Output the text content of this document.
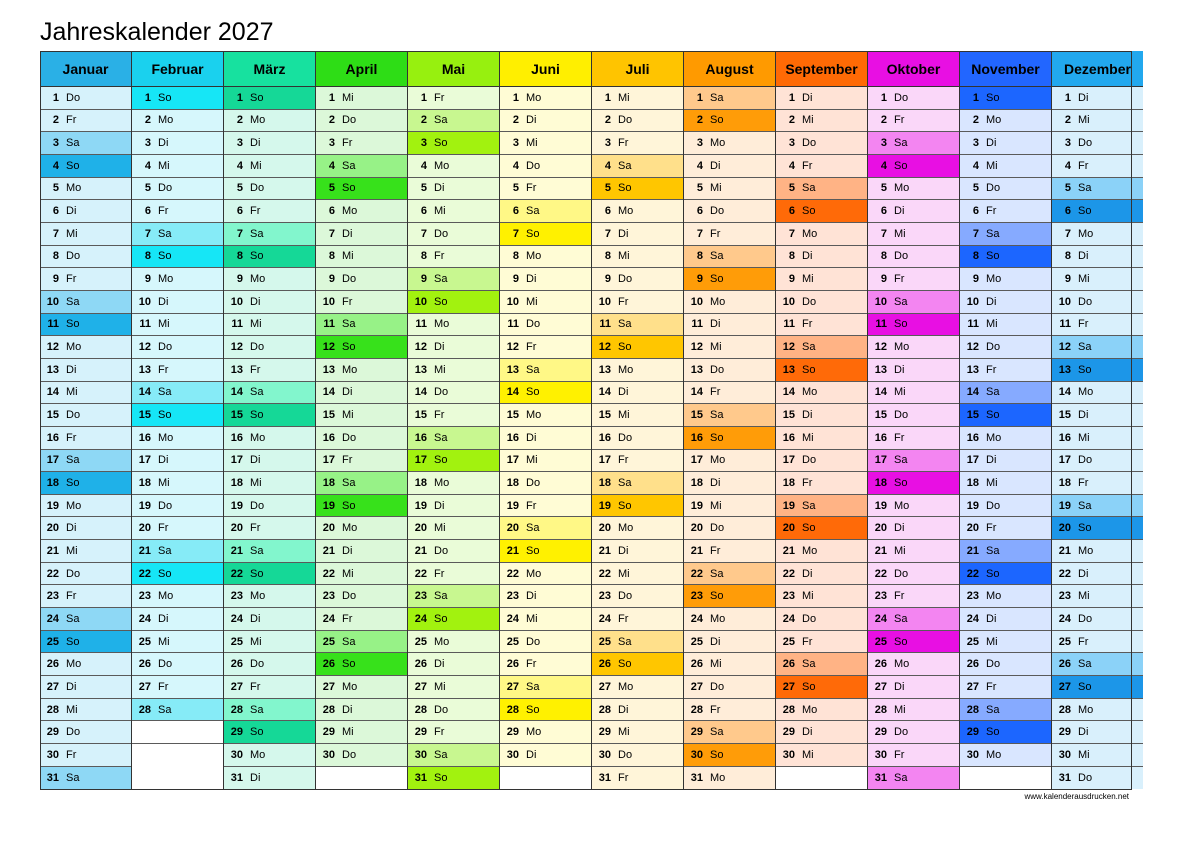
Jahreskalender 2027
Januar
1 Do
2 Fr
3 Sa
4 So
5 Mo
6 Di
7 Mi
8 Do
9 Fr
10 Sa
11 So
12 Mo
13 Di
14 Mi
15 Do
16 Fr
17 Sa
18 So
19 Mo
20 Di
21 Mi
22 Do
23 Fr
24 Sa
25 So
26 Mo
27 Di
28 Mi
29 Do
30 Fr
31 Sa
Februar
1 So
2 Mo
3 Di
4 Mi
5 Do
6 Fr
7 Sa
8 So
9 Mo
10 Di
11 Mi
12 Do
13 Fr
14 Sa
15 So
16 Mo
17 Di
18 Mi
19 Do
20 Fr
21 Sa
22 So
23 Mo
24 Di
25 Mi
26 Do
27 Fr
28 Sa
März
1 So
2 Mo
3 Di
4 Mi
5 Do
6 Fr
7 Sa
8 So
9 Mo
10 Di
11 Mi
12 Do
13 Fr
14 Sa
15 So
16 Mo
17 Di
18 Mi
19 Do
20 Fr
21 Sa
22 So
23 Mo
24 Di
25 Mi
26 Do
27 Fr
28 Sa
29 So
30 Mo
31 Di
April
1 Mi
2 Do
3 Fr
4 Sa
5 So
6 Mo
7 Di
8 Mi
9 Do
10 Fr
11 Sa
12 So
13 Mo
14 Di
15 Mi
16 Do
17 Fr
18 Sa
19 So
20 Mo
21 Di
22 Mi
23 Do
24 Fr
25 Sa
26 So
27 Mo
28 Di
29 Mi
30 Do
Mai
1 Fr
2 Sa
3 So
4 Mo
5 Di
6 Mi
7 Do
8 Fr
9 Sa
10 So
11 Mo
12 Di
13 Mi
14 Do
15 Fr
16 Sa
17 So
18 Mo
19 Di
20 Mi
21 Do
22 Fr
23 Sa
24 So
25 Mo
26 Di
27 Mi
28 Do
29 Fr
30 Sa
31 So
Juni
1 Mo
2 Di
3 Mi
4 Do
5 Fr
6 Sa
7 So
8 Mo
9 Di
10 Mi
11 Do
12 Fr
13 Sa
14 So
15 Mo
16 Di
17 Mi
18 Do
19 Fr
20 Sa
21 So
22 Mo
23 Di
24 Mi
25 Do
26 Fr
27 Sa
28 So
29 Mo
30 Di
Juli
1 Mi
2 Do
3 Fr
4 Sa
5 So
6 Mo
7 Di
8 Mi
9 Do
10 Fr
11 Sa
12 So
13 Mo
14 Di
15 Mi
16 Do
17 Fr
18 Sa
19 So
20 Mo
21 Di
22 Mi
23 Do
24 Fr
25 Sa
26 So
27 Mo
28 Di
29 Mi
30 Do
31 Fr
August
1 Sa
2 So
3 Mo
4 Di
5 Mi
6 Do
7 Fr
8 Sa
9 So
10 Mo
11 Di
12 Mi
13 Do
14 Fr
15 Sa
16 So
17 Mo
18 Di
19 Mi
20 Do
21 Fr
22 Sa
23 So
24 Mo
25 Di
26 Mi
27 Do
28 Fr
29 Sa
30 So
31 Mo
September
1 Di
2 Mi
3 Do
4 Fr
5 Sa
6 So
7 Mo
8 Di
9 Mi
10 Do
11 Fr
12 Sa
13 So
14 Mo
15 Di
16 Mi
17 Do
18 Fr
19 Sa
20 So
21 Mo
22 Di
23 Mi
24 Do
25 Fr
26 Sa
27 So
28 Mo
29 Di
30 Mi
Oktober
1 Do
2 Fr
3 Sa
4 So
5 Mo
6 Di
7 Mi
8 Do
9 Fr
10 Sa
11 So
12 Mo
13 Di
14 Mi
15 Do
16 Fr
17 Sa
18 So
19 Mo
20 Di
21 Mi
22 Do
23 Fr
24 Sa
25 So
26 Mo
27 Di
28 Mi
29 Do
30 Fr
31 Sa
November
1 So
2 Mo
3 Di
4 Mi
5 Do
6 Fr
7 Sa
8 So
9 Mo
10 Di
11 Mi
12 Do
13 Fr
14 Sa
15 So
16 Mo
17 Di
18 Mi
19 Do
20 Fr
21 Sa
22 So
23 Mo
24 Di
25 Mi
26 Do
27 Fr
28 Sa
29 So
30 Mo
Dezember
1 Di
2 Mi
3 Do
4 Fr
5 Sa
6 So
7 Mo
8 Di
9 Mi
10 Do
11 Fr
12 Sa
13 So
14 Mo
15 Di
16 Mi
17 Do
18 Fr
19 Sa
20 So
21 Mo
22 Di
23 Mi
24 Do
25 Fr
26 Sa
27 So
28 Mo
29 Di
30 Mi
31 Do
www.kalenderausdrucken.net
